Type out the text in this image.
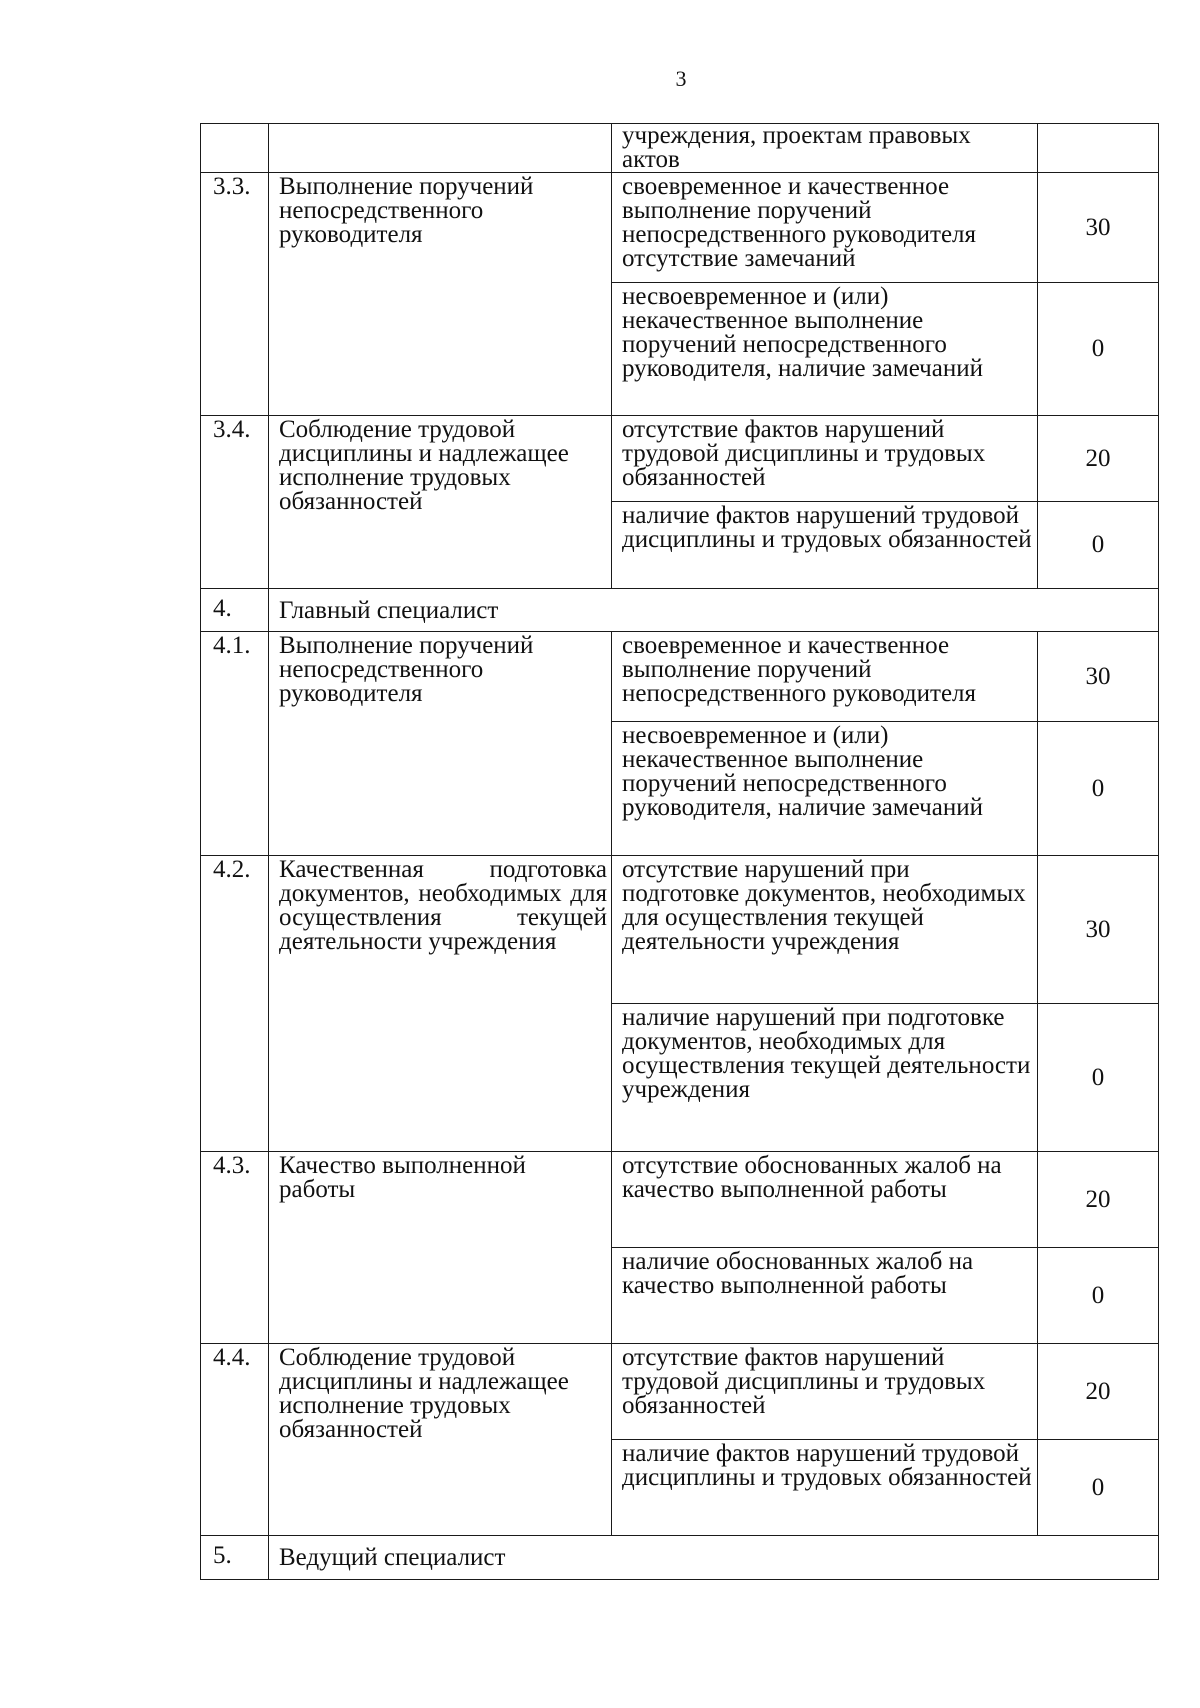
3

		учреждения, проектам правовых актов	

3.3.	Выполнение поручений непосредственного руководителя	своевременное и качественное выполнение поручений непосредственного руководителя отсутствие замечаний	30

		несвоевременное и (или) некачественное выполнение поручений непосредственного руководителя, наличие замечаний	0

3.4.	Соблюдение трудовой дисциплины и надлежащее исполнение трудовых обязанностей	отсутствие фактов нарушений трудовой дисциплины и трудовых обязанностей	20

		наличие фактов нарушений трудовой дисциплины и трудовых обязанностей	0

4.	Главный специалист		

4.1.	Выполнение поручений непосредственного руководителя	своевременное и качественное выполнение поручений непосредственного руководителя	30

		несвоевременное и (или) некачественное выполнение поручений непосредственного руководителя, наличие замечаний	0

4.2.	Качественная подготовка документов, необходимых для осуществления текущей деятельности учреждения	отсутствие нарушений при подготовке документов, необходимых для осуществления текущей деятельности учреждения	30

		наличие нарушений при подготовке документов, необходимых для осуществления текущей деятельности учреждения	0

4.3.	Качество выполненной работы	отсутствие обоснованных жалоб на качество выполненной работы	20

		наличие обоснованных жалоб на качество выполненной работы	0

4.4.	Соблюдение трудовой дисциплины и надлежащее исполнение трудовых обязанностей	отсутствие фактов нарушений трудовой дисциплины и трудовых обязанностей	20

		наличие фактов нарушений трудовой дисциплины и трудовых обязанностей	0

5.	Ведущий специалист		
